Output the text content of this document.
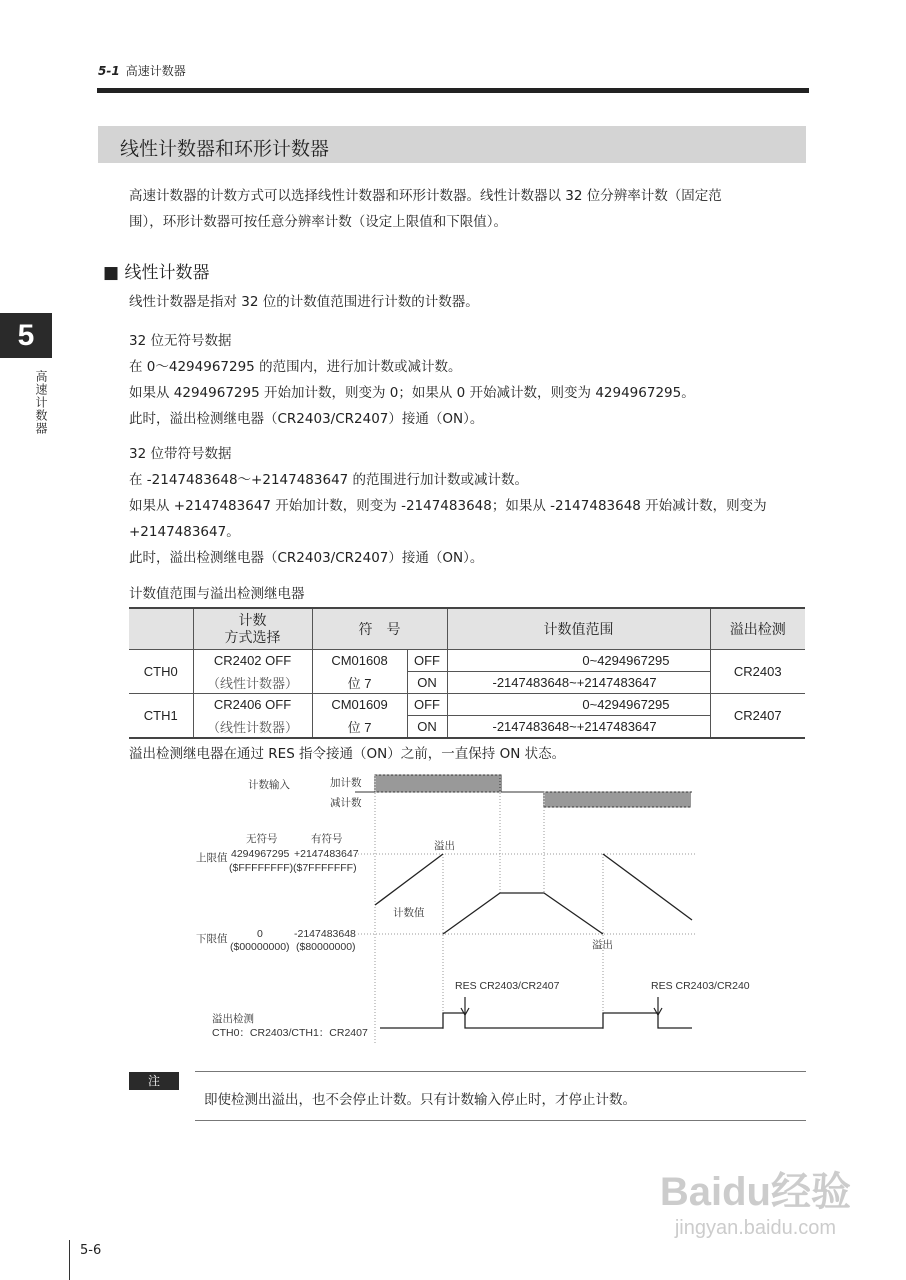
5-1 高速计数器
5
高速计数器
线性计数器和环形计数器
高速计数器的计数方式可以选择线性计数器和环形计数器。线性计数器以 32 位分辨率计数（固定范
围），环形计数器可按任意分辨率计数（设定上限值和下限值）。
■ 线性计数器
线性计数器是指对 32 位的计数值范围进行计数的计数器。
32 位无符号数据
在 0～4294967295 的范围内，进行加计数或减计数。
如果从 4294967295 开始加计数，则变为 0；如果从 0 开始减计数，则变为 4294967295。
此时，溢出检测继电器（CR2403/CR2407）接通（ON）。
32 位带符号数据
在 -2147483648～+2147483647 的范围进行加计数或减计数。
如果从 +2147483647 开始加计数，则变为 -2147483648；如果从 -2147483648 开始减计数，则变为
+2147483647。
此时，溢出检测继电器（CR2403/CR2407）接通（ON）。
计数值范围与溢出检测继电器
	计数
方式选择	符　号		计数值范围	溢出检测
CTH0	CR2402 OFF	CM01608	OFF	0~4294967295	CR2403
	（线性计数器）	位 7	ON	-2147483648~+2147483647	
CTH1	CR2406 OFF	CM01609	OFF	0~4294967295	CR2407
	（线性计数器）	位 7	ON	-2147483648~+2147483647	
溢出检测继电器在通过 RES 指令接通（ON）之前，一直保持 ON 状态。
计数输入	加计数
减计数
无符号	有符号
上限值 4294967295 +2147483647
($FFFFFFFF) ($7FFFFFFF)
溢出
计数值
下限值	0	-2147483648
($00000000) ($80000000)	溢出
RES CR2403/CR2407	RES CR2403/CR240
溢出检测
CTH0：CR2403/CTH1：CR2407
注
即使检测出溢出，也不会停止计数。只有计数输入停止时，才停止计数。
Baidu经验
jingyan.baidu.com
5-6
